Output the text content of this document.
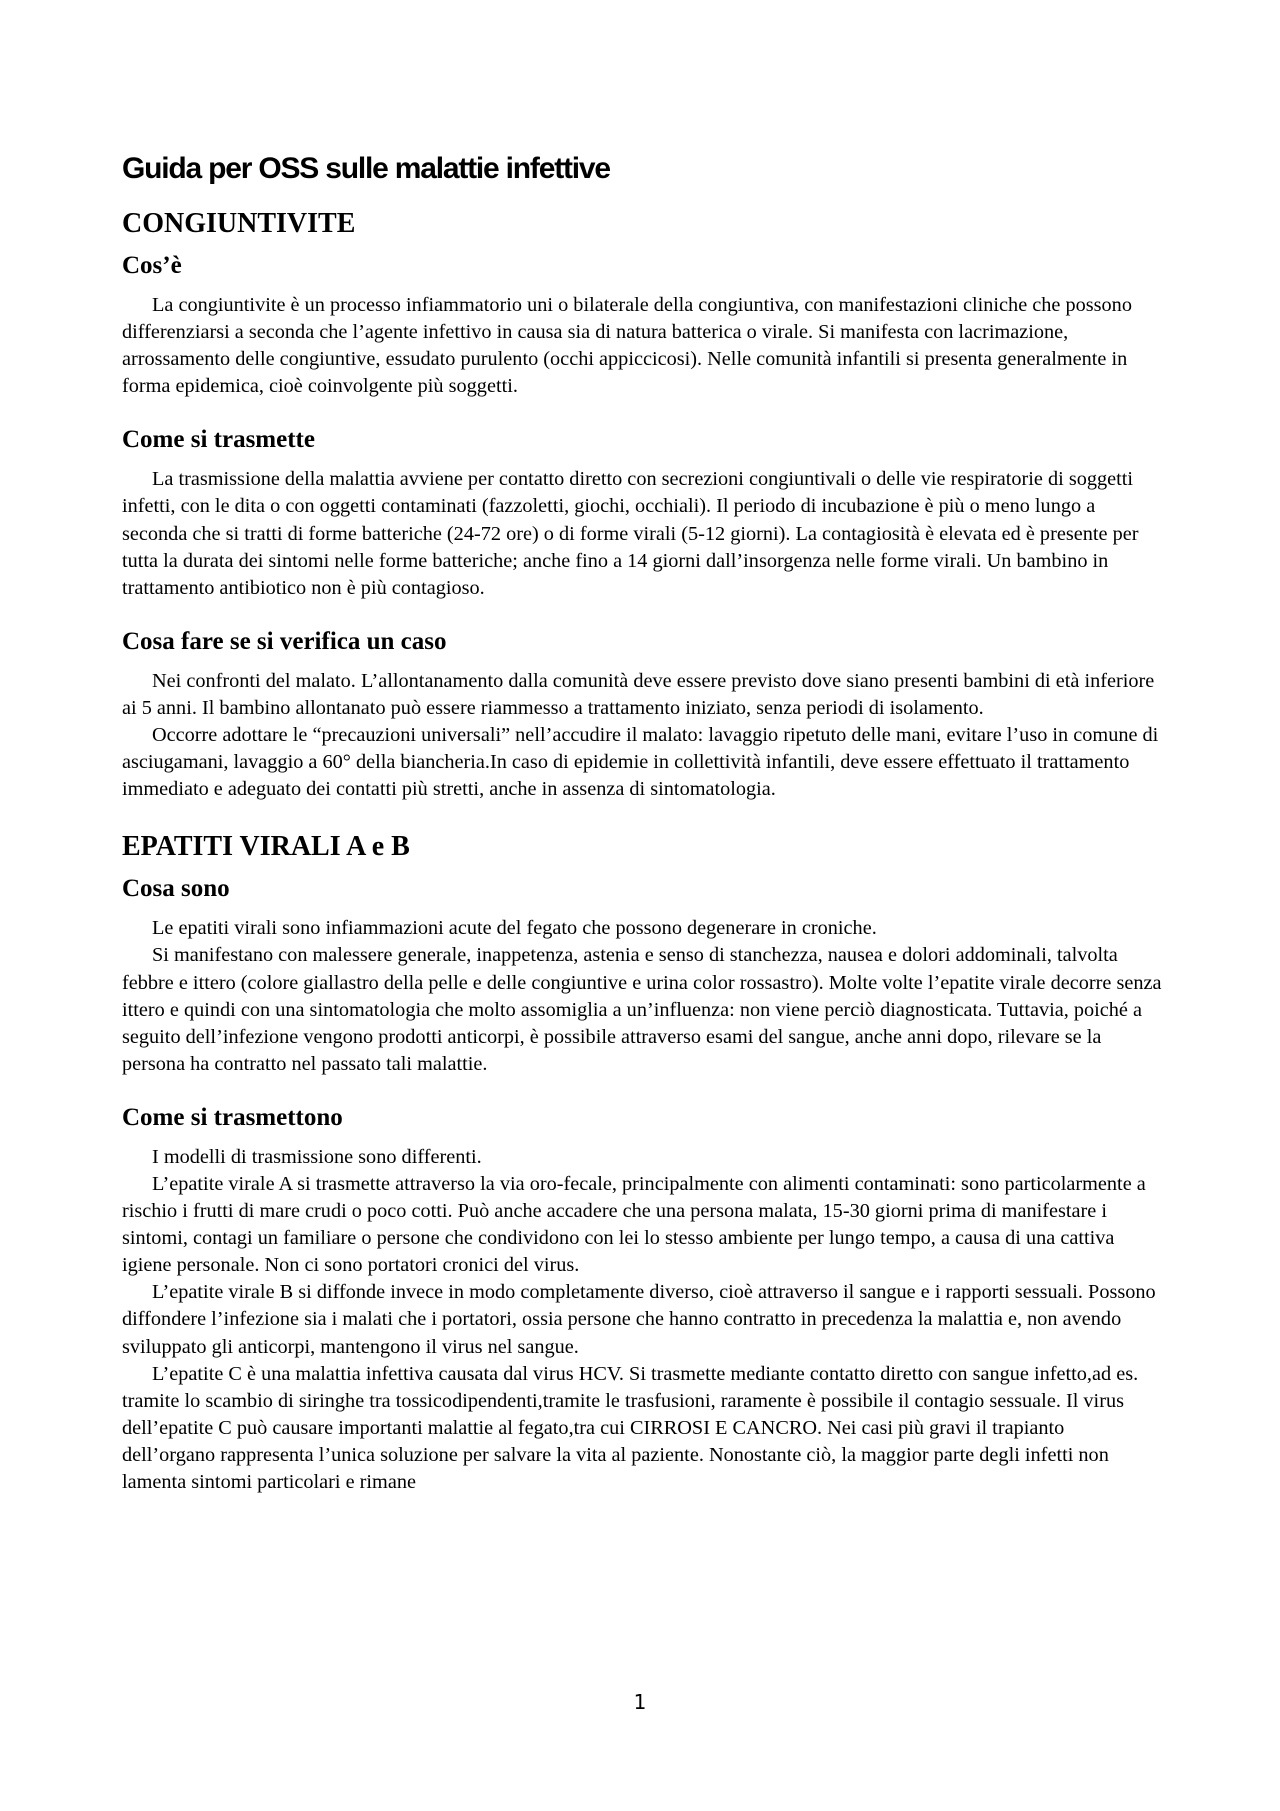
Guida per OSS sulle malattie infettive
CONGIUNTIVITE
Cos’è

La congiuntivite è un processo infiammatorio uni o bilaterale della congiuntiva, con manifestazioni cliniche che possono differenziarsi a seconda che l’agente infettivo in causa sia di natura batterica o virale. Si manifesta con lacrimazione, arrossamento delle congiuntive, essudato purulento (occhi appiccicosi). Nelle comunità infantili si presenta generalmente in forma epidemica, cioè coinvolgente più soggetti.

Come si trasmette

La trasmissione della malattia avviene per contatto diretto con secrezioni congiuntivali o delle vie respiratorie di soggetti infetti, con le dita o con oggetti contaminati (fazzoletti, giochi, occhiali). Il periodo di incubazione è più o meno lungo a seconda che si tratti di forme batteriche (24-72 ore) o di forme virali (5-12 giorni). La contagiosità è elevata ed è presente per tutta la durata dei sintomi nelle forme batteriche; anche fino a 14 giorni dall’insorgenza nelle forme virali. Un bambino in trattamento antibiotico non è più contagioso.

Cosa fare se si verifica un caso

Nei confronti del malato. L’allontanamento dalla comunità deve essere previsto dove siano presenti bambini di età inferiore ai 5 anni. Il bambino allontanato può essere riammesso a trattamento iniziato, senza periodi di isolamento.

Occorre adottare le “precauzioni universali” nell’accudire il malato: lavaggio ripetuto delle mani, evitare l’uso in comune di asciugamani, lavaggio a 60° della biancheria.In caso di epidemie in collettività infantili, deve essere effettuato il trattamento immediato e adeguato dei contatti più stretti, anche in assenza di sintomatologia.

EPATITI VIRALI A e B
Cosa sono

Le epatiti virali sono infiammazioni acute del fegato che possono degenerare in croniche.

Si manifestano con malessere generale, inappetenza, astenia e senso di stanchezza, nausea e dolori addominali, talvolta febbre e ittero (colore giallastro della pelle e delle congiuntive e urina color rossastro). Molte volte l’epatite virale decorre senza ittero e quindi con una sintomatologia che molto assomiglia a un’influenza: non viene perciò diagnosticata. Tuttavia, poiché a seguito dell’infezione vengono prodotti anticorpi, è possibile attraverso esami del sangue, anche anni dopo, rilevare se la persona ha contratto nel passato tali malattie.

Come si trasmettono

I modelli di trasmissione sono differenti.

L’epatite virale A si trasmette attraverso la via oro-fecale, principalmente con alimenti contaminati: sono particolarmente a rischio i frutti di mare crudi o poco cotti. Può anche accadere che una persona malata, 15-30 giorni prima di manifestare i sintomi, contagi un familiare o persone che condividono con lei lo stesso ambiente per lungo tempo, a causa di una cattiva igiene personale. Non ci sono portatori cronici del virus.

L’epatite virale B si diffonde invece in modo completamente diverso, cioè attraverso il sangue e i rapporti sessuali. Possono diffondere l’infezione sia i malati che i portatori, ossia persone che hanno contratto in precedenza la malattia e, non avendo sviluppato gli anticorpi, mantengono il virus nel sangue.

L’epatite C è una malattia infettiva causata dal virus HCV. Si trasmette mediante contatto diretto con sangue infetto,ad es. tramite lo scambio di siringhe tra tossicodipendenti,tramite le trasfusioni, raramente è possibile il contagio sessuale. Il virus dell’epatite C può causare importanti malattie al fegato,tra cui CIRROSI E CANCRO. Nei casi più gravi il trapianto dell’organo rappresenta l’unica soluzione per salvare la vita al paziente. Nonostante ciò, la maggior parte degli infetti non lamenta sintomi particolari e rimane

1
